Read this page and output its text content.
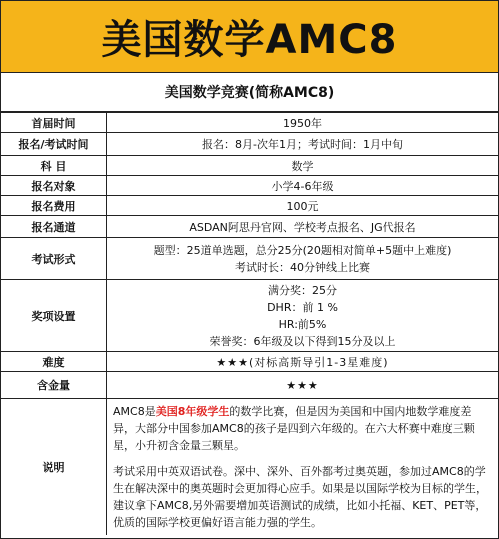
美国数学AMC8
美国数学竞赛(简称AMC8)
首届时间	1950年
报名/考试时间	报名：8月-次年1月；考试时间：1月中旬
科 目	数学
报名对象	小学4-6年级
报名费用	100元
报名通道	ASDAN阿思丹官网、学校考点报名、JG代报名
考试形式	题型：25道单选题，总分25分(20题相对简单+5题中上难度)
考试时长：40分钟线上比赛

奖项设置	满分奖：25分
DHR：前 1 %
HR:前5%
荣誉奖：6年级及以下得到15分及以上

难度	★★★(对标高斯导引1-3星难度)
含金量	★★★
说明	AMC8是美国8年级学生的数学比赛，但是因为美国和中国内地数学难度差异，大部分中国参加AMC8的孩子是四到六年级的。在六大杯赛中难度三颗星，小升初含金量三颗星。

考试采用中英双语试卷。深中、深外、百外都考过奥英题，参加过AMC8的学生在解决深中的奥英题时会更加得心应手。如果是以国际学校为目标的学生，建议拿下AMC8,另外需要增加英语测试的成绩，比如小托福、KET、PET等，优质的国际学校更偏好语言能力强的学生。
